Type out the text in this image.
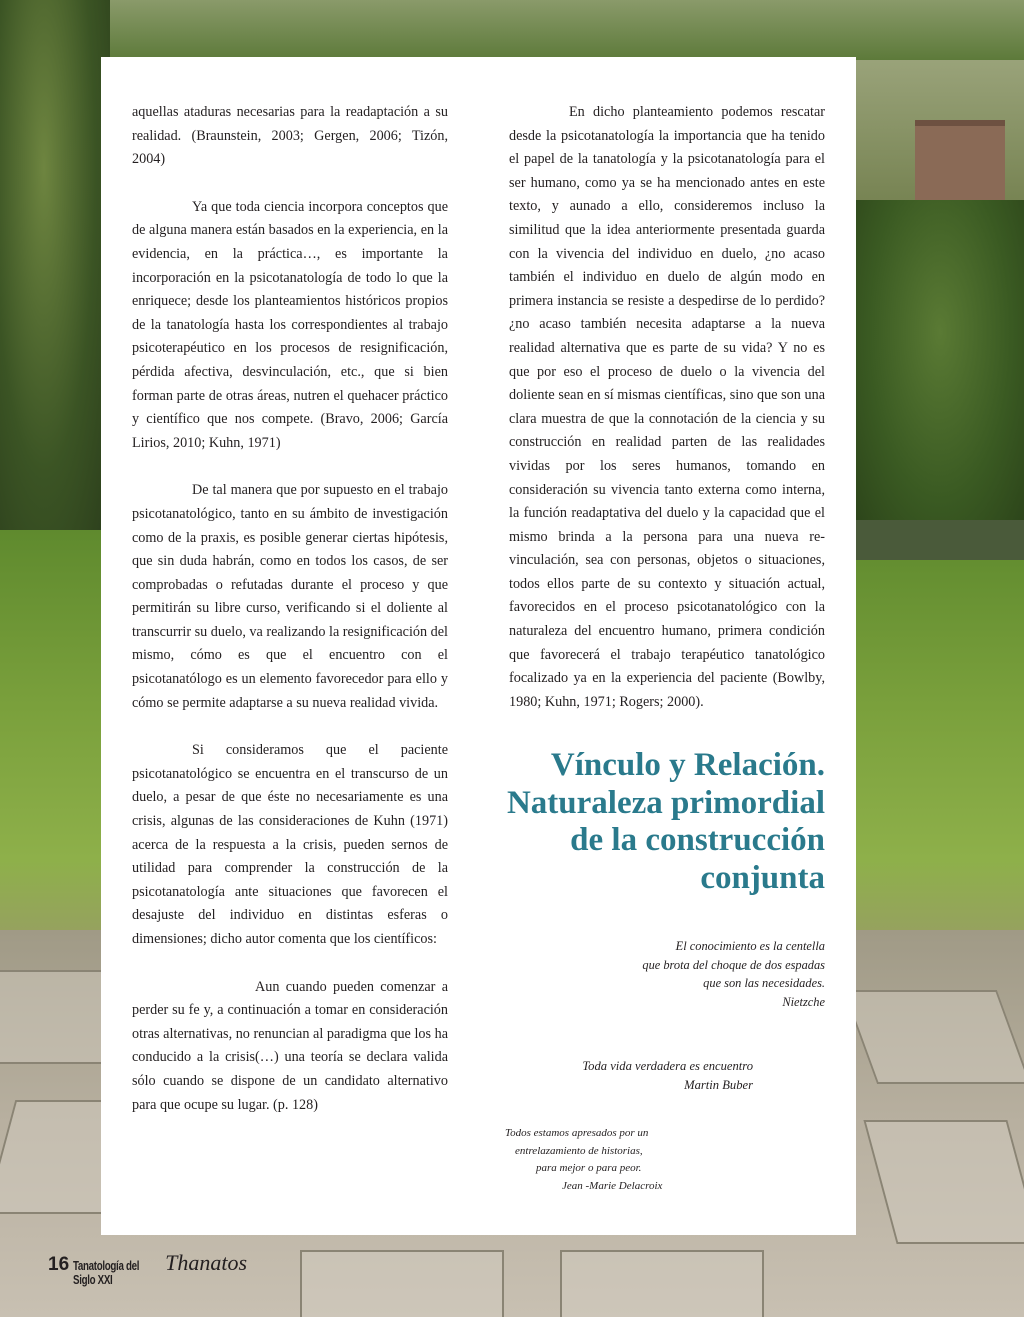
aquellas ataduras necesarias para la readaptación a su realidad. (Braunstein, 2003; Gergen, 2006; Tizón, 2004)

Ya que toda ciencia incorpora conceptos que de alguna manera están basados en la experiencia, en la evidencia, en la práctica…, es importante la incorporación en la psicotanatología de todo lo que la enriquece; desde los planteamientos históricos propios de la tanatología hasta los correspondientes al trabajo psicoterapéutico en los procesos de resignificación, pérdida afectiva, desvinculación, etc., que si bien forman parte de otras áreas, nutren el quehacer práctico y científico que nos compete. (Bravo, 2006; García Lirios, 2010; Kuhn, 1971)

De tal manera que por supuesto en el trabajo psicotanatológico, tanto en su ámbito de investigación como de la praxis, es posible generar ciertas hipótesis, que sin duda habrán, como en todos los casos, de ser comprobadas o refutadas durante el proceso y que permitirán su libre curso, verificando si el doliente al transcurrir su duelo, va realizando la resignificación del mismo, cómo es que el encuentro con el psicotanatólogo es un elemento favorecedor para ello y cómo se permite adaptarse a su nueva realidad vivida.

Si consideramos que el paciente psicotanatológico se encuentra en el transcurso de un duelo, a pesar de que éste no necesariamente es una crisis, algunas de las consideraciones de Kuhn (1971) acerca de la respuesta a la crisis, pueden sernos de utilidad para comprender la construcción de la psicotanatología ante situaciones que favorecen el desajuste del individuo en distintas esferas o dimensiones; dicho autor comenta que los científicos:

Aun cuando pueden comenzar a perder su fe y, a continuación a tomar en consideración otras alternativas, no renuncian al paradigma que los ha conducido a la crisis(…) una teoría se declara valida sólo cuando se dispone de un candidato alternativo para que ocupe su lugar. (p. 128)

En dicho planteamiento podemos rescatar desde la psicotanatología la importancia que ha tenido el papel de la tanatología y la psicotanatología para el ser humano, como ya se ha mencionado antes en este texto, y aunado a ello, consideremos incluso la similitud que la idea anteriormente presentada guarda con la vivencia del individuo en duelo, ¿no acaso también el individuo en duelo de algún modo en primera instancia se resiste a despedirse de lo perdido? ¿no acaso también necesita adaptarse a la nueva realidad alternativa que es parte de su vida? Y no es que por eso el proceso de duelo o la vivencia del doliente sean en sí mismas científicas, sino que son una clara muestra de que la connotación de la ciencia y su construcción en realidad parten de las realidades vividas por los seres humanos, tomando en consideración su vivencia tanto externa como interna, la función readaptativa del duelo y la capacidad que el mismo brinda a la persona para una nueva re-vinculación, sea con personas, objetos o situaciones, todos ellos parte de su contexto y situación actual, favorecidos en el proceso psicotanatológico con la naturaleza del encuentro humano, primera condición que favorecerá el trabajo terapéutico tanatológico focalizado ya en la experiencia del paciente (Bowlby, 1980; Kuhn, 1971; Rogers; 2000).

Vínculo y Relación.
Naturaleza primordial
de la construcción
conjunta
El conocimiento es la centella
que brota del choque de dos espadas
que son las necesidades.
Nietzche
Toda vida verdadera es encuentro
Martin Buber
Todos estamos apresados por un
entrelazamiento de historias,
para mejor o para peor.
Jean -Marie Delacroix
16 Tanatología del Siglo XXI
Thanatos
